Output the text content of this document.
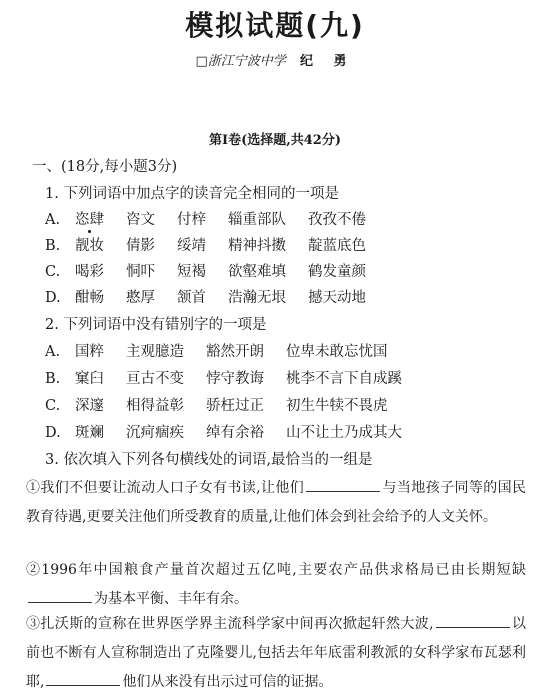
模拟试题(九)
□浙江宁波中学 纪 勇
第Ⅰ卷(选择题,共42分)
一、(18分,每小题3分)
1. 下列词语中加点字的读音完全相同的一项是
A. 恣肆 咨文 付梓 辎重部队 孜孜不倦
B. 靓妆 倩影 绥靖 精神抖擞 靛蓝底色
C. 喝彩 恫吓 短褐 欲壑难填 鹤发童颜
D. 酣畅 憨厚 颔首 浩瀚无垠 撼天动地
2. 下列词语中没有错别字的一项是
A. 国粹 主观臆造 豁然开朗 位卑未敢忘忧国
B. 窠臼 亘古不变 悖守教诲 桃李不言下自成蹊
C. 深邃 相得益彰 骄枉过正 初生牛犊不畏虎
D. 斑斓 沉疴痼疾 绰有余裕 山不让土乃成其大
3. 依次填入下列各句横线处的词语,最恰当的一组是
①我们不但要让流动人口子女有书读,让他们	与当地孩子同等的国民教育待遇,更要关注他们所受教育的质量,让他们体会到社会给予的人文关怀。
②1996年中国粮食产量首次超过五亿吨,主要农产品供求格局已由长期短缺为基本平衡、丰年有余。
③扎沃斯的宣称在世界医学界主流科学家中间再次掀起轩然大波,	以前也不断有人宣称制造出了克隆婴儿,包括去年年底雷利教派的女科学家布瓦瑟利耶,	他们从来没有出示过可信的证据。
